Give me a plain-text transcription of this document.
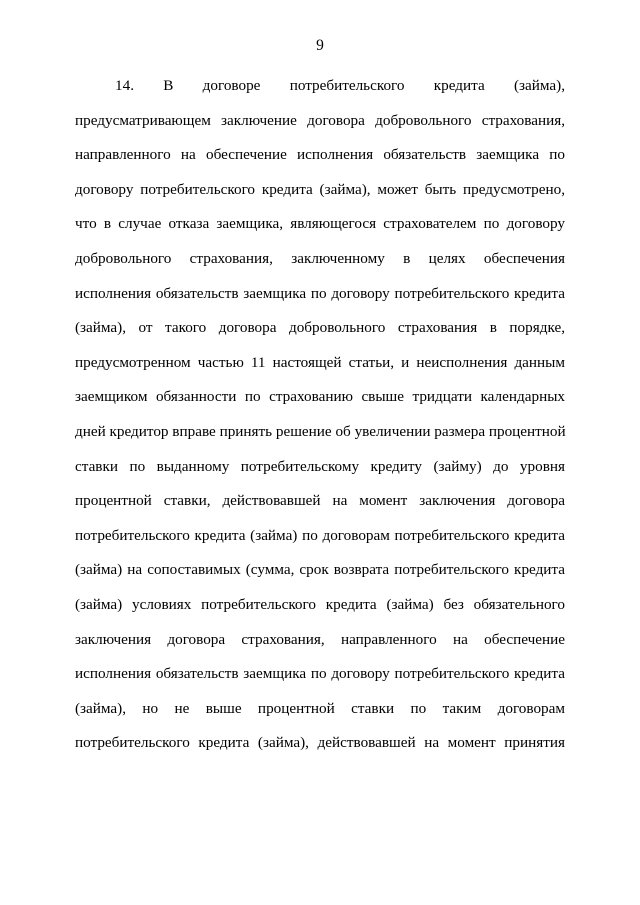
9
14. В договоре потребительского кредита (займа),
предусматривающем заключение договора добровольного страхования,
направленного на обеспечение исполнения обязательств заемщика по
договору потребительского кредита (займа), может быть предусмотрено,
что в случае отказа заемщика, являющегося страхователем по договору
добровольного страхования, заключенному в целях обеспечения
исполнения обязательств заемщика по договору потребительского кредита
(займа), от такого договора добровольного страхования в порядке,
предусмотренном частью 11 настоящей статьи, и неисполнения данным
заемщиком обязанности по страхованию свыше тридцати календарных
дней кредитор вправе принять решение об увеличении размера процентной
ставки по выданному потребительскому кредиту (займу) до уровня
процентной ставки, действовавшей на момент заключения договора
потребительского кредита (займа) по договорам потребительского кредита
(займа) на сопоставимых (сумма, срок возврата потребительского кредита
(займа) условиях потребительского кредита (займа) без обязательного
заключения договора страхования, направленного на обеспечение
исполнения обязательств заемщика по договору потребительского кредита
(займа), но не выше процентной ставки по таким договорам
потребительского кредита (займа), действовавшей на момент принятия
